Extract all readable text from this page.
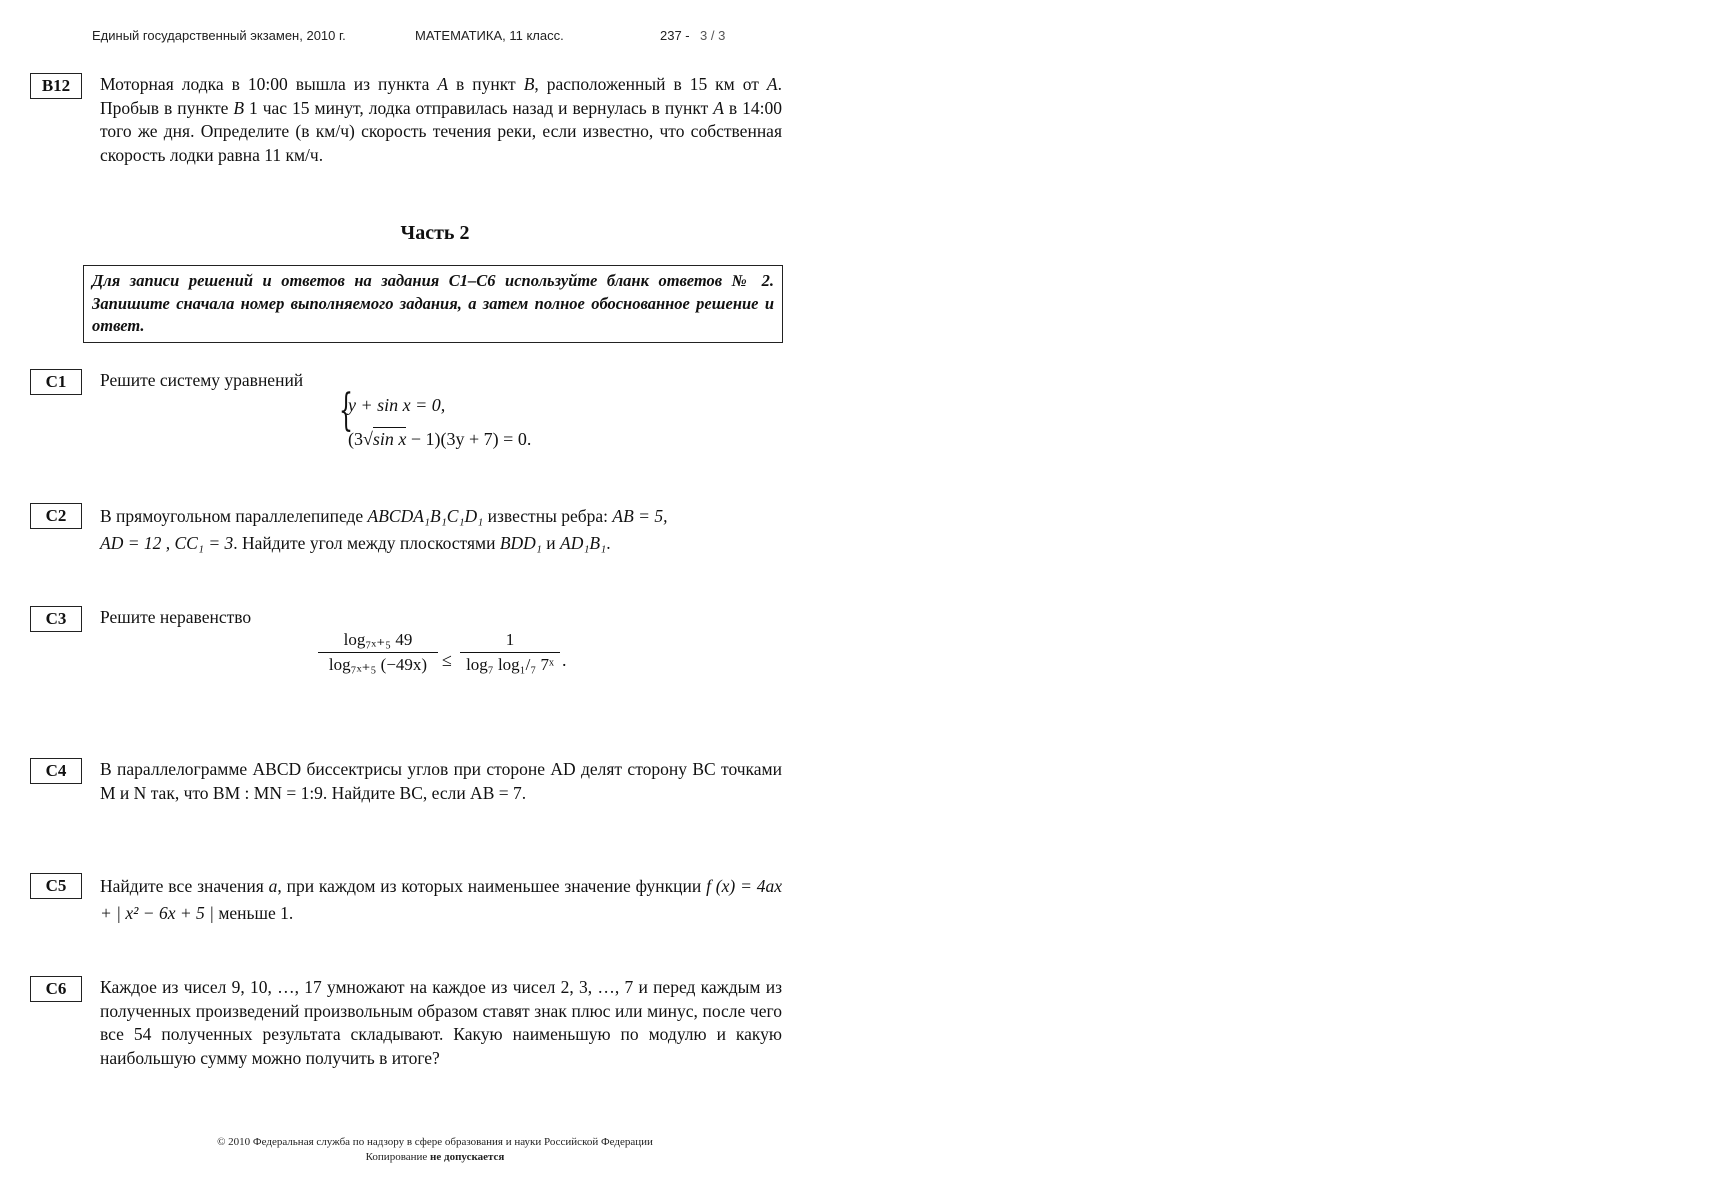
Единый государственный экзамен, 2010 г.	МАТЕМАТИКА, 11 класс.	237 - 3 / 3
B12	Моторная лодка в 10:00 вышла из пункта A в пункт B, расположенный в 15 км от A. Пробыв в пункте B 1 час 15 минут, лодка отправилась назад и вернулась в пункт A в 14:00 того же дня. Определите (в км/ч) скорость течения реки, если известно, что собственная скорость лодки равна 11 км/ч.
Часть 2
Для записи решений и ответов на задания С1–С6 используйте бланк ответов № 2. Запишите сначала номер выполняемого задания, а затем полное обоснованное решение и ответ.
C1	Решите систему уравнений
{
y + sin x = 0,
(3√sin x − 1)(3y + 7) = 0.
C2	В прямоугольном параллелепипеде ABCDA₁B₁C₁D₁ известны ребра: AB = 5,
AD = 12 , CC₁ = 3. Найдите угол между плоскостями BDD₁ и AD₁B₁.
C3	Решите неравенство
log₇ₓ₊₅ 49
log₇ₓ₊₅ (−49x) ≤
1
log₇ log₁/₇ 7ˣ .
C4	В параллелограмме ABCD биссектрисы углов при стороне AD делят сторону BC точками M и N так, что BM : MN = 1:9. Найдите BC, если AB = 7.
C5	Найдите все значения a, при каждом из которых наименьшее значение функции f (x) = 4ax + | x² − 6x + 5 | меньше 1.
C6	Каждое из чисел 9, 10, …, 17 умножают на каждое из чисел 2, 3, …, 7 и перед каждым из полученных произведений произвольным образом ставят знак плюс или минус, после чего все 54 полученных результата складывают. Какую наименьшую по модулю и какую наибольшую сумму можно получить в итоге?
© 2010 Федеральная служба по надзору в сфере образования и науки Российской Федерации
Копирование не допускается
